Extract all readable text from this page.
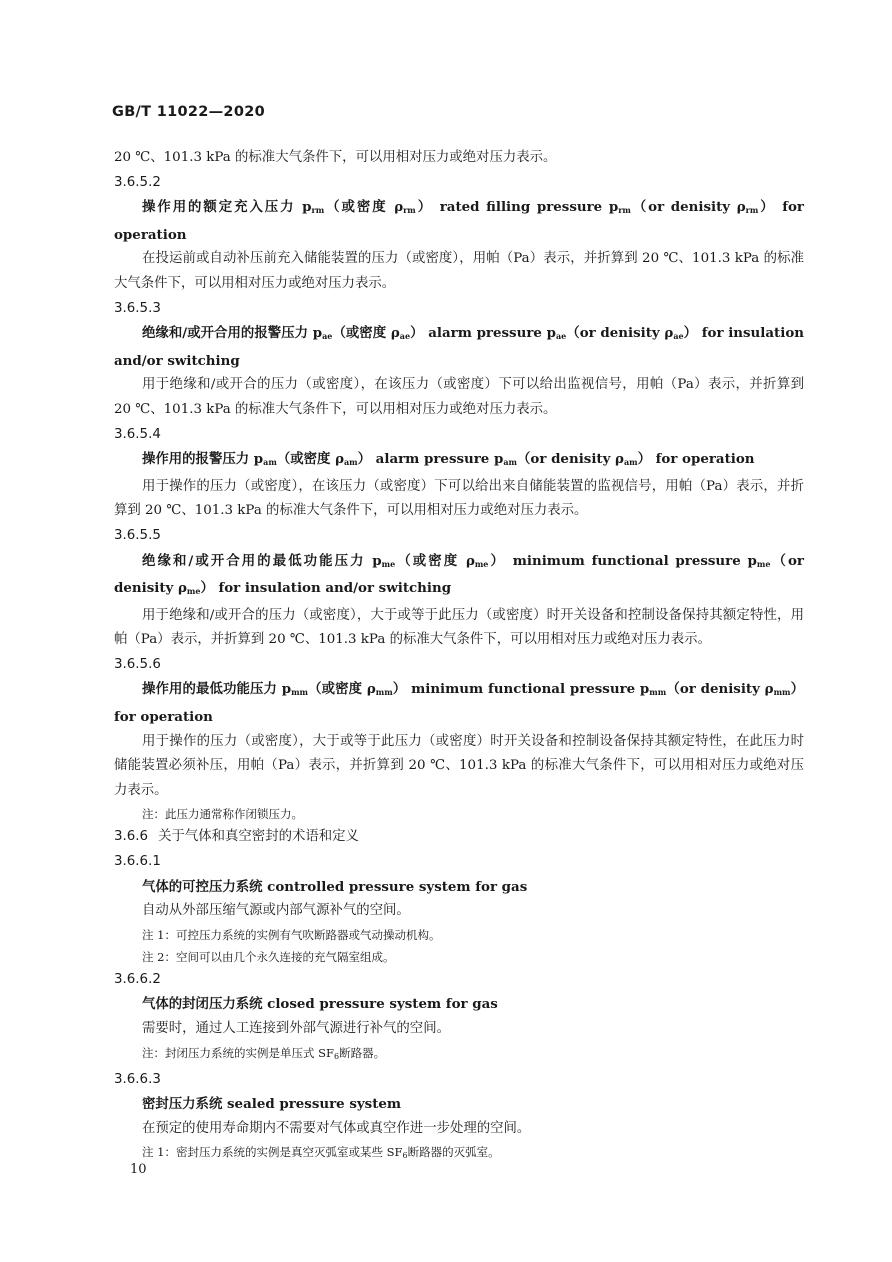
GB/T 11022—2020

20 ℃、101.3 kPa 的标准大气条件下，可以用相对压力或绝对压力表示。

3.6.5.2

操作用的额定充入压力 $p_{rm}$（或密度 $\rho_{rm}$） rated filling pressure $p_{rm}(or$ denisity $\rho_{rm}$） for operation

在投运前或自动补压前充入储能装置的压力（或密度），用帕（Pa）表示，并折算到 20 ℃、101.3 kPa 的标准大气条件下，可以用相对压力或绝对压力表示。

3.6.5.3

绝缘和/或开合用的报警压力 $p_{ae}$（或密度 $\rho_{ae}$） alarm pressure $p_{ae}(or$ denisity $\rho_{ae}$） for insulation and/or switching

用于绝缘和/或开合的压力（或密度），在该压力（或密度）下可以给出监视信号，用帕（Pa）表示，并折算到 20 ℃、101.3 kPa 的标准大气条件下，可以用相对压力或绝对压力表示。

3.6.5.4

操作用的报警压力 $p_{am}$（或密度 $\rho_{am}$） alarm pressure $p_{am}(or$ denisity $\rho_{am}$） for operation

用于操作的压力（或密度），在该压力（或密度）下可以给出来自储能装置的监视信号，用帕（Pa）表示，并折算到 20 ℃、101.3 kPa 的标准大气条件下，可以用相对压力或绝对压力表示。

3.6.5.5

绝缘和/或开合用的最低功能压力 $p_{me}$（或密度 $\rho_{me}$） minimum functional pressure $p_{me}(or$ denisity $\rho_{me}$） for insulation and/or switching

用于绝缘和/或开合的压力（或密度），大于或等于此压力（或密度）时开关设备和控制设备保持其额定特性，用帕（Pa）表示，并折算到 20 ℃、101.3 kPa 的标准大气条件下，可以用相对压力或绝对压力表示。

3.6.5.6

操作用的最低功能压力 $p_{mm}$（或密度 $\rho_{mm}$） minimum functional pressure $p_{mm}(or$ denisity $\rho_{mm}$） for operation

用于操作的压力（或密度），大于或等于此压力（或密度）时开关设备和控制设备保持其额定特性，在此压力时储能装置必须补压，用帕（Pa）表示，并折算到 20 ℃、101.3 kPa 的标准大气条件下，可以用相对压力或绝对压力表示。

注：此压力通常称作闭锁压力。

3.6.6 关于气体和真空密封的术语和定义

3.6.6.1

气体的可控压力系统 controlled pressure system for gas

自动从外部压缩气源或内部气源补气的空间。

注 1：可控压力系统的实例有气吹断路器或气动操动机构。

注 2：空间可以由几个永久连接的充气隔室组成。

3.6.6.2

气体的封闭压力系统 closed pressure system for gas

需要时，通过人工连接到外部气源进行补气的空间。

注：封闭压力系统的实例是单压式 $SF_6$断路器。

3.6.6.3

密封压力系统 sealed pressure system

在预定的使用寿命期内不需要对气体或真空作进一步处理的空间。

注 1：密封压力系统的实例是真空灭弧室或某些 $SF_6$断路器的灭弧室。

10
